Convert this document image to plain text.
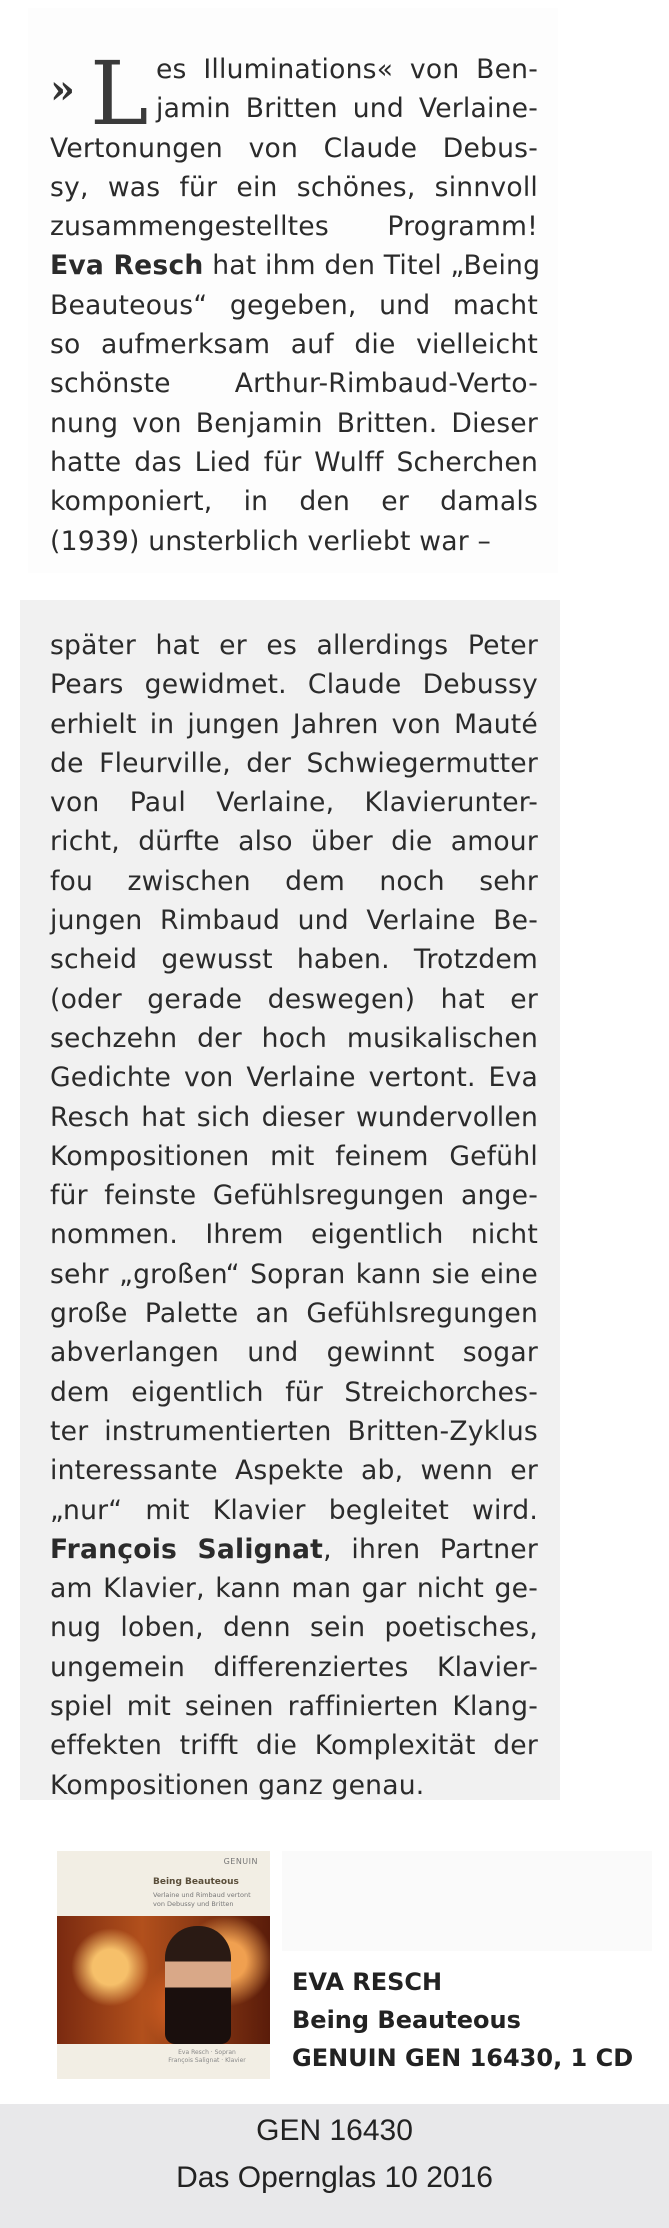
» L es Illuminations« von Ben-
jamin Britten und Verlaine-
Vertonungen von Claude Debus-
sy, was für ein schönes, sinnvoll
zusammengestelltes Programm!
Eva Resch hat ihm den Titel „Being
Beauteous“ gegeben, und macht
so aufmerksam auf die vielleicht
schönste Arthur-Rimbaud-Verto-
nung von Benjamin Britten. Dieser
hatte das Lied für Wulff Scherchen
komponiert, in den er damals
(1939) unsterblich verliebt war –
später hat er es allerdings Peter
Pears gewidmet. Claude Debussy
erhielt in jungen Jahren von Mauté
de Fleurville, der Schwiegermutter
von Paul Verlaine, Klavierunter-
richt, dürfte also über die amour
fou zwischen dem noch sehr
jungen Rimbaud und Verlaine Be-
scheid gewusst haben. Trotzdem
(oder gerade deswegen) hat er
sechzehn der hoch musikalischen
Gedichte von Verlaine vertont. Eva
Resch hat sich dieser wundervollen
Kompositionen mit feinem Gefühl
für feinste Gefühlsregungen ange-
nommen. Ihrem eigentlich nicht
sehr „großen“ Sopran kann sie eine
große Palette an Gefühlsregungen
abverlangen und gewinnt sogar
dem eigentlich für Streichorches-
ter instrumentierten Britten-Zyklus
interessante Aspekte ab, wenn er
„nur“ mit Klavier begleitet wird.
François Salignat, ihren Partner
am Klavier, kann man gar nicht ge-
nug loben, denn sein poetisches,
ungemein differenziertes Klavier-
spiel mit seinen raffinierten Klang-
effekten trifft die Komplexität der
Kompositionen ganz genau.
GENUIN
Being Beauteous
Verlaine und Rimbaud vertont von Debussy und Britten
Eva Resch · Sopran
François Salignat · Klavier
EVA RESCH
Being Beauteous
GENUIN GEN 16430, 1 CD
GEN 16430
Das Opernglas 10 2016
